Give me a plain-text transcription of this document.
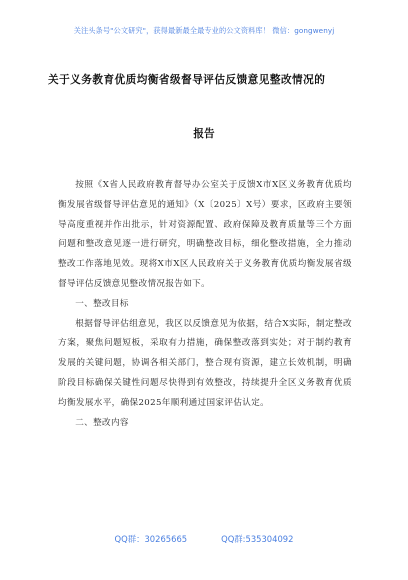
关注头条号"公文研究"，获得最新最全最专业的公文资料库！ 微信：gongwenyj
关于义务教育优质均衡省级督导评估反馈意见整改情况的
报告

按照《X省人民政府教育督导办公室关于反馈X市X区义务教育优质均衡发展省级督导评估意见的通知》（X〔2025〕X号）要求，区政府主要领导高度重视并作出批示，针对资源配置、政府保障及教育质量等三个方面问题和整改意见逐一进行研究，明确整改目标，细化整改措施，全力推动整改工作落地见效。现将X市X区人民政府关于义务教育优质均衡发展省级督导评估反馈意见整改情况报告如下。

一、整改目标

根据督导评估组意见，我区以反馈意见为依据，结合X实际，制定整改方案，聚焦问题短板，采取有力措施，确保整改落到实处；对于制约教育发展的关键问题，协调各相关部门，整合现有资源，建立长效机制，明确阶段目标确保关键性问题尽快得到有效整改，持续提升全区义务教育优质均衡发展水平，确保2025年顺利通过国家评估认定。

二、整改内容
QQ群：30265665	QQ群:535304092
